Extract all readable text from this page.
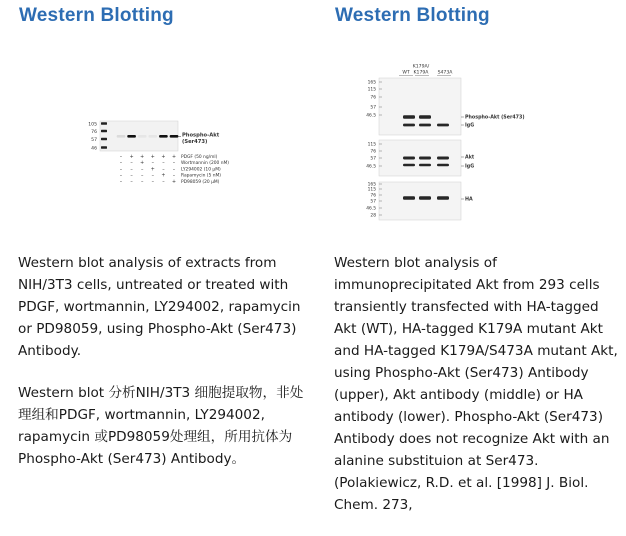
Western Blotting
105
76
57
46
Phospho-Akt
(Ser473)
– + + + + + PDGF (50 ng/ml)
– – + – – – Wortmannin (200 nM)
– – – + – – LY294002 (10 μM)
– – – – + – Rapamycin (5 nM)
– – – – – + PD98059 (20 μM)

Western blot analysis of extracts from NIH/3T3 cells, untreated or treated with PDGF, wortmannin, LY294002, rapamycin or PD98059, using Phospho-Akt (Ser473) Antibody.

Western blot 分析NIH/3T3 细胞提取物，非处理组和PDGF, wortmannin, LY294002, rapamycin 或PD98059处理组，所用抗体为 Phospho-Akt (Ser473) Antibody。

Western Blotting
WT
K179A/
K179A S473A
165
115
76
57
46.5	Phospho-Akt (Ser473)
IgG
115
76
57
46.5
Akt
IgG
165
115
76
57
46.5
28
HA

Western blot analysis of immunoprecipitated Akt from 293 cells transiently transfected with HA-tagged Akt (WT), HA-tagged K179A mutant Akt and HA-tagged K179A/S473A mutant Akt, using Phospho-Akt (Ser473) Antibody (upper), Akt antibody (middle) or HA antibody (lower). Phospho-Akt (Ser473) Antibody does not recognize Akt with an alanine substituion at Ser473. (Polakiewicz, R.D. et al. [1998] J. Biol. Chem. 273,
